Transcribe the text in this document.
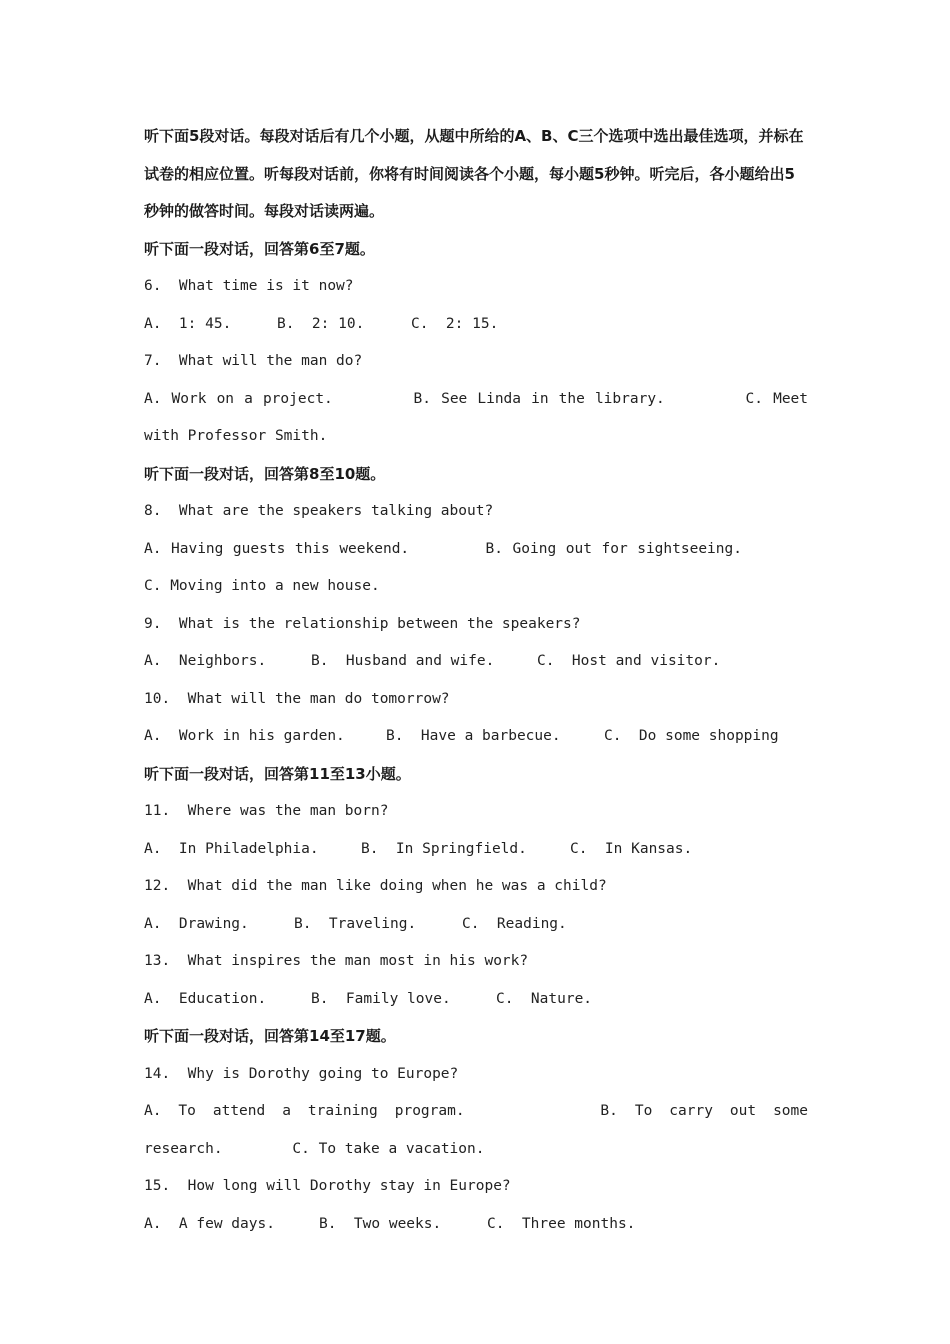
听下面5段对话。每段对话后有几个小题，从题中所给的A、B、C三个选项中选出最佳选项，并标在试卷的相应位置。听每段对话前，你将有时间阅读各个小题，每小题5秒钟。听完后，各小题给出5秒钟的做答时间。每段对话读两遍。

听下面一段对话，回答第6至7题。

6.  What time is it now?

A.  1: 45.	B.  2: 10.	C.  2: 15.

7.  What will the man do?

A. Work on a project.	B. See Linda in the library.	C. Meet with Professor Smith.

听下面一段对话，回答第8至10题。

8.  What are the speakers talking about?

A. Having guests this weekend.	B. Going out for sightseeing.        C. Moving into a new house.

9.  What is the relationship between the speakers?

A.  Neighbors.	B.  Husband and wife.	C.  Host and visitor.

10.  What will the man do tomorrow?

A.  Work in his garden.	B.  Have a barbecue.	C.  Do some shopping

听下面一段对话，回答第11至13小题。

11.  Where was the man born?

A.  In Philadelphia.	B.  In Springfield.	C.  In Kansas.

12.  What did the man like doing when he was a child?

A.  Drawing.	B.  Traveling.	C.  Reading.

13.  What inspires the man most in his work?

A.  Education.	B.  Family love.	C.  Nature.

听下面一段对话，回答第14至17题。

14.  Why is Dorothy going to Europe?

A. To attend a training program.	B. To carry out some research.	C. To take a vacation.

15.  How long will Dorothy stay in Europe?

A.  A few days.	B.  Two weeks.	C.  Three months.
